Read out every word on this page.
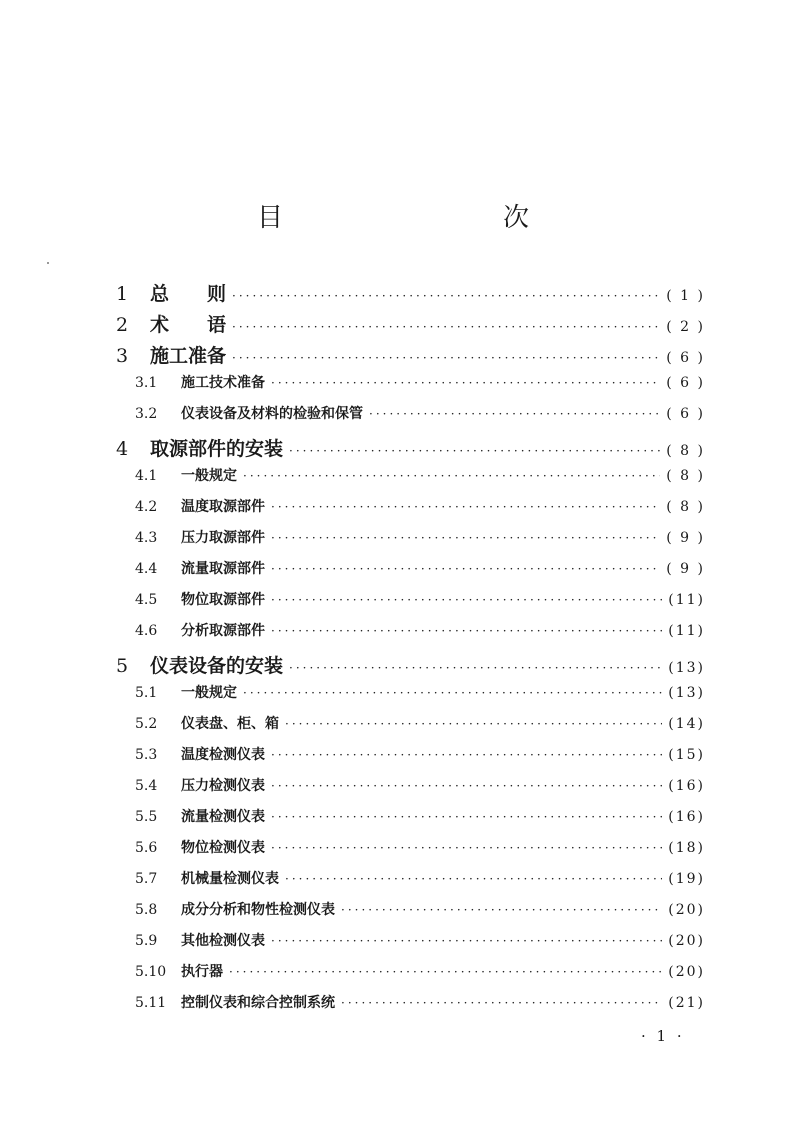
目　　次
1	总　　则 ·····	( 1 )
2	术　　语 ·····	( 2 )
3	施工准备 ·····	( 6 )
3.1	施工技术准备 ·····	( 6 )
3.2	仪表设备及材料的检验和保管 ·····	( 6 )
4	取源部件的安装 ·····	( 8 )
4.1	一般规定 ·····	( 8 )
4.2	温度取源部件 ·····	( 8 )
4.3	压力取源部件 ·····	( 9 )
4.4	流量取源部件 ·····	( 9 )
4.5	物位取源部件 ·····	(11)
4.6	分析取源部件 ·····	(11)
5	仪表设备的安装 ·····	(13)
5.1	一般规定 ·····	(13)
5.2	仪表盘、柜、箱 ·····	(14)
5.3	温度检测仪表 ·····	(15)
5.4	压力检测仪表 ·····	(16)
5.5	流量检测仪表 ·····	(16)
5.6	物位检测仪表 ·····	(18)
5.7	机械量检测仪表 ·····	(19)
5.8	成分分析和物性检测仪表 ·····	(20)
5.9	其他检测仪表 ·····	(20)
5.10	执行器 ·····	(20)
5.11	控制仪表和综合控制系统 ·····	(21)
· 1 ·
